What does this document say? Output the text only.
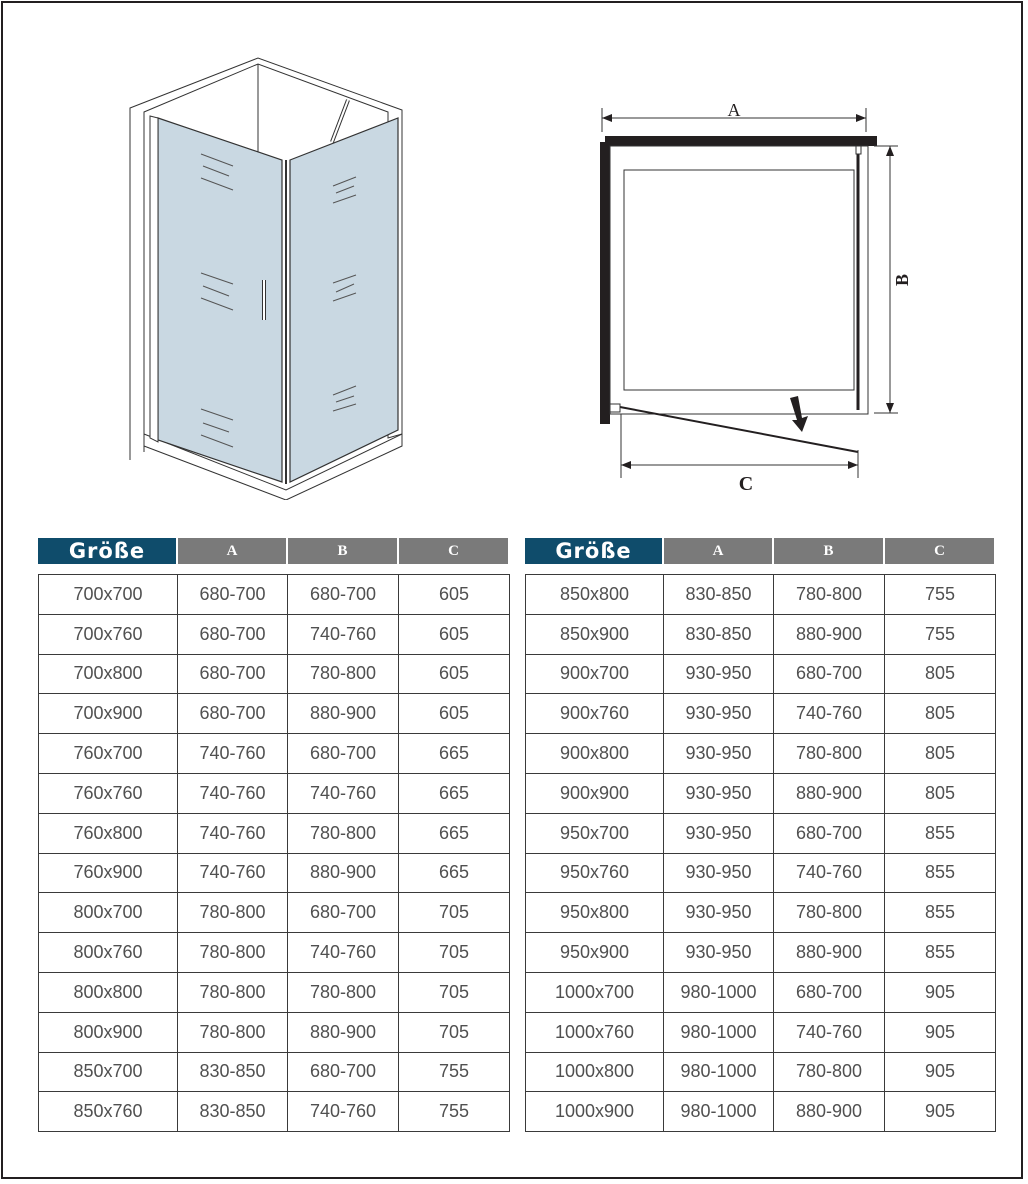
A
B
C
Größe	A	B	C
700x700	680-700	680-700	605
700x760	680-700	740-760	605
700x800	680-700	780-800	605
700x900	680-700	880-900	605
760x700	740-760	680-700	665
760x760	740-760	740-760	665
760x800	740-760	780-800	665
760x900	740-760	880-900	665
800x700	780-800	680-700	705
800x760	780-800	740-760	705
800x800	780-800	780-800	705
800x900	780-800	880-900	705
850x700	830-850	680-700	755
850x760	830-850	740-760	755
Größe	A	B	C
850x800	830-850	780-800	755
850x900	830-850	880-900	755
900x700	930-950	680-700	805
900x760	930-950	740-760	805
900x800	930-950	780-800	805
900x900	930-950	880-900	805
950x700	930-950	680-700	855
950x760	930-950	740-760	855
950x800	930-950	780-800	855
950x900	930-950	880-900	855
1000x700	980-1000	680-700	905
1000x760	980-1000	740-760	905
1000x800	980-1000	780-800	905
1000x900	980-1000	880-900	905
